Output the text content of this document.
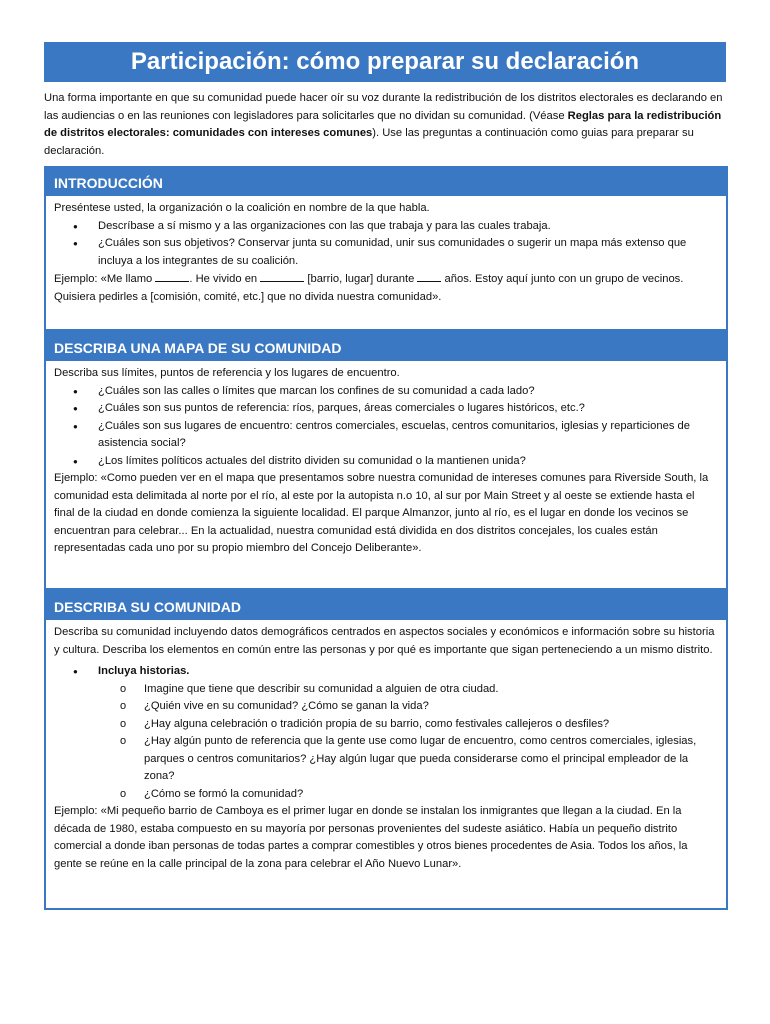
Participación: cómo preparar su declaración
Una forma importante en que su comunidad puede hacer oír su voz durante la redistribución de los distritos electorales es declarando en las audiencias o en las reuniones con legisladores para solicitarles que no dividan su comunidad. (Véase Reglas para la redistribución de distritos electorales: comunidades con intereses comunes). Use las preguntas a continuación como guias para preparar su declaración.
INTRODUCCIÓN

Preséntese usted, la organización o la coalición en nombre de la que habla.

● Descríbase a sí mismo y a las organizaciones con las que trabaja y para las cuales trabaja.
● ¿Cuáles son sus objetivos? Conservar junta su comunidad, unir sus comunidades o sugerir un mapa más extenso que incluya a los integrantes de su coalición.

Ejemplo: «Me llamo	. He vivido en	[barrio, lugar] durante  años. Estoy aquí junto con un grupo de vecinos. Quisiera pedirles a [comisión, comité, etc.] que no divida nuestra comunidad».

DESCRIBA UNA MAPA DE SU COMUNIDAD

Describa sus límites, puntos de referencia y los lugares de encuentro.

● ¿Cuáles son las calles o límites que marcan los confines de su comunidad a cada lado?
● ¿Cuáles son sus puntos de referencia: ríos, parques, áreas comerciales o lugares históricos, etc.?
● ¿Cuáles son sus lugares de encuentro: centros comerciales, escuelas, centros comunitarios, iglesias y reparticiones de asistencia social?
● ¿Los límites políticos actuales del distrito dividen su comunidad o la mantienen unida?

Ejemplo: «Como pueden ver en el mapa que presentamos sobre nuestra comunidad de intereses comunes para Riverside South, la comunidad esta delimitada al norte por el río, al este por la autopista n.o 10, al sur por Main Street y al oeste se extiende hasta el final de la ciudad en donde comienza la siguiente localidad. El parque Almanzor, junto al río, es el lugar en donde los vecinos se encuentran para celebrar... En la actualidad, nuestra comunidad está dividida en dos distritos concejales, los cuales están representadas cada uno por su propio miembro del Concejo Deliberante».

DESCRIBA SU COMUNIDAD

Describa su comunidad incluyendo datos demográficos centrados en aspectos sociales y económicos e información sobre su historia y cultura. Describa los elementos en común entre las personas y por qué es importante que sigan perteneciendo a un mismo distrito.

● Incluya historias.
o Imagine que tiene que describir su comunidad a alguien de otra ciudad.
o ¿Quién vive en su comunidad? ¿Cómo se ganan la vida?
o ¿Hay alguna celebración o tradición propia de su barrio, como festivales callejeros o desfiles?
o ¿Hay algún punto de referencia que la gente use como lugar de encuentro, como centros comerciales, iglesias, parques o centros comunitarios? ¿Hay algún lugar que pueda considerarse como el principal empleador de la zona?
o ¿Cómo se formó la comunidad?

Ejemplo: «Mi pequeño barrio de Camboya es el primer lugar en donde se instalan los inmigrantes que llegan a la ciudad. En la década de 1980, estaba compuesto en su mayoría por personas provenientes del sudeste asiático. Había un pequeño distrito comercial a donde iban personas de todas partes a comprar comestibles y otros bienes procedentes de Asia. Todos los años, la gente se reúne en la calle principal de la zona para celebrar el Año Nuevo Lunar».
